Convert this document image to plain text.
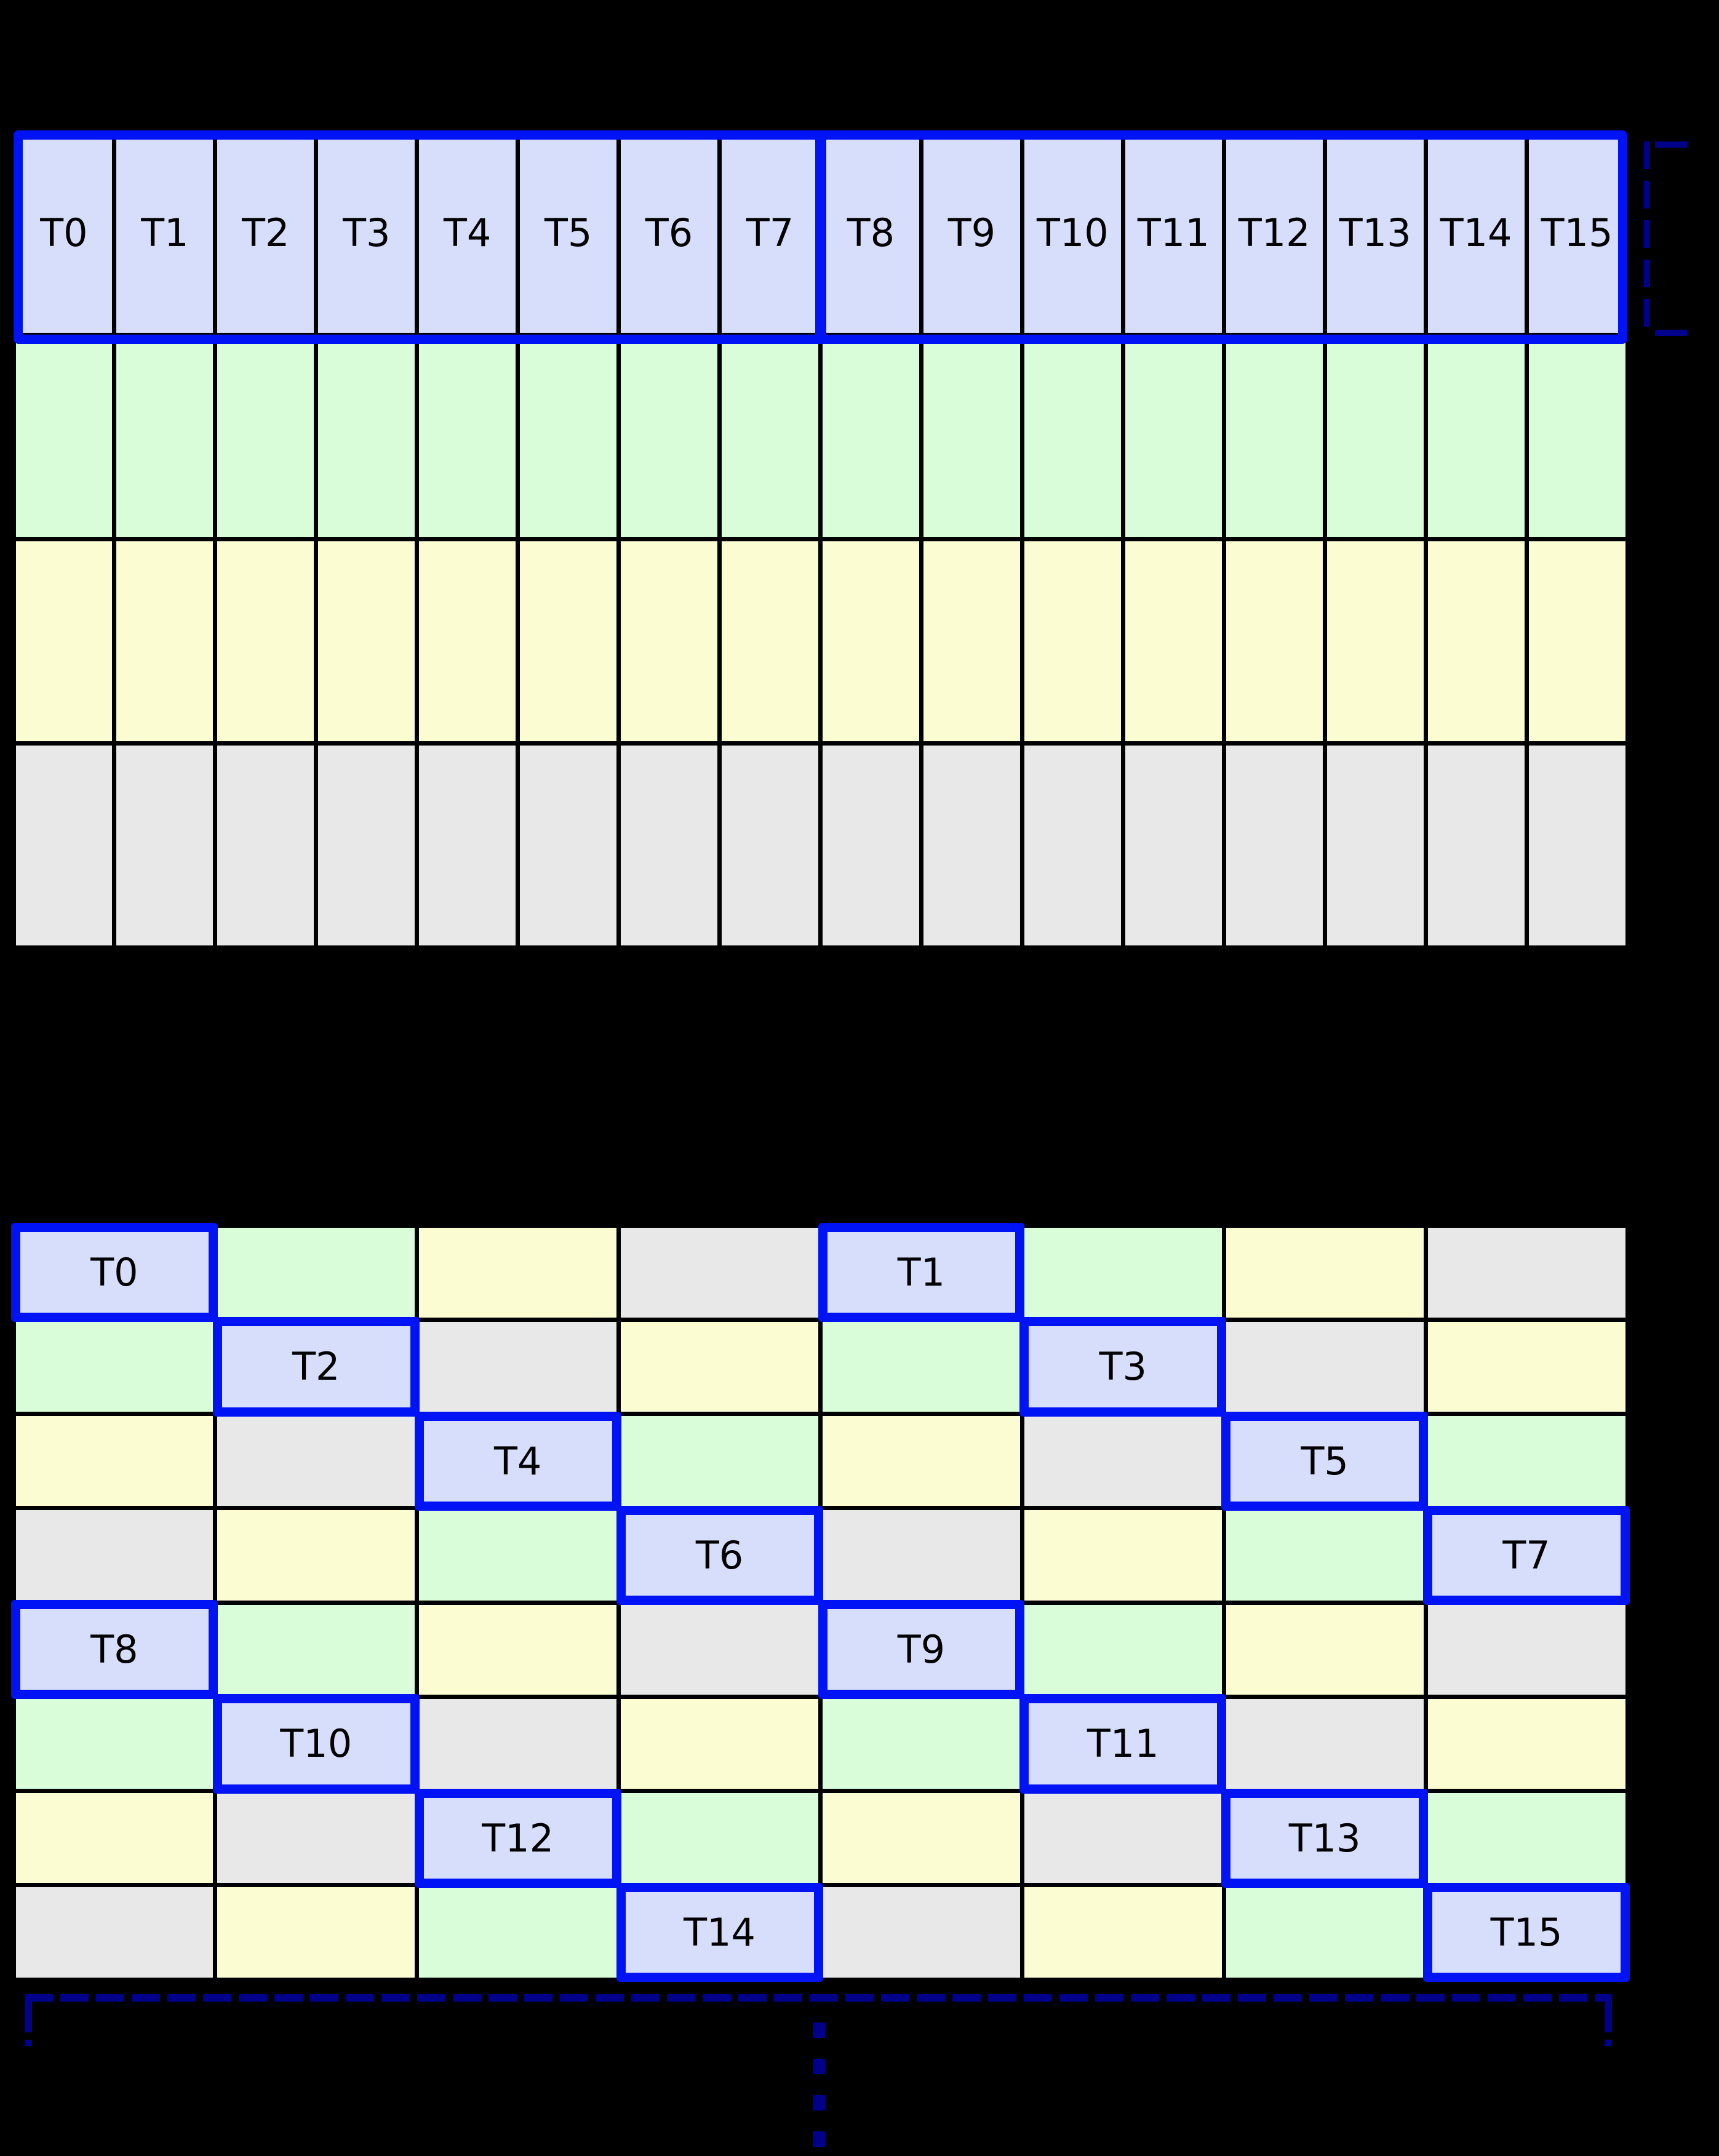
T0	T1	T2	T3	T4	T5	T6	T7	T8	T9	T10 T11 T12 T13 T14 T15
T0	T1
T2	T3
T4	T5
T6	T7
T8	T9
T10	T11
T12	T13
T14	T15
